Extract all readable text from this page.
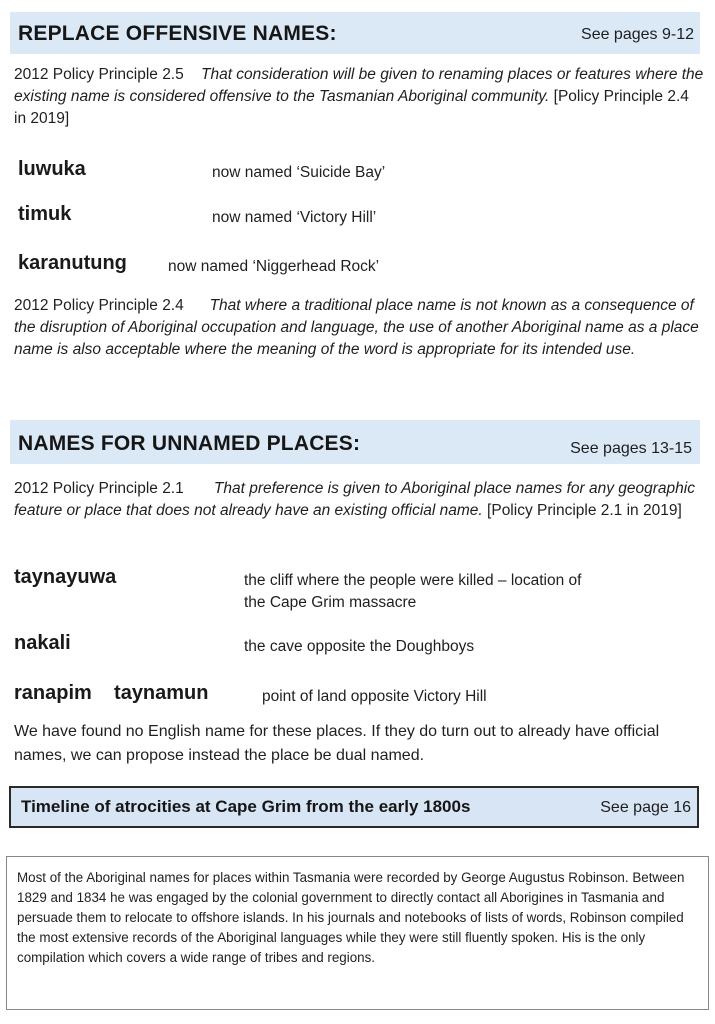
REPLACE OFFENSIVE NAMES:	See pages 9-12
2012 Policy Principle 2.5 That consideration will be given to renaming places or features where the existing name is considered offensive to the Tasmanian Aboriginal community. [Policy Principle 2.4 in 2019]
luwuka	now named ‘Suicide Bay’
timuk	now named ‘Victory Hill’
karanutung	now named ‘Niggerhead Rock’
2012 Policy Principle 2.4 That where a traditional place name is not known as a consequence of the disruption of Aboriginal occupation and language, the use of another Aboriginal name as a place name is also acceptable where the meaning of the word is appropriate for its intended use.
NAMES FOR UNNAMED PLACES:	See pages 13-15
2012 Policy Principle 2.1 That preference is given to Aboriginal place names for any geographic feature or place that does not already have an existing official name. [Policy Principle 2.1 in 2019]
taynayuwa	the cliff where the people were killed – location of
the Cape Grim massacre
nakali	the cave opposite the Doughboys
ranapim    taynamun	point of land opposite Victory Hill
We have found no English name for these places. If they do turn out to already have official names, we can propose instead the place be dual named.
Timeline of atrocities at Cape Grim from the early 1800s	See page 16
Most of the Aboriginal names for places within Tasmania were recorded by George Augustus Robinson. Between 1829 and 1834 he was engaged by the colonial government to directly contact all Aborigines in Tasmania and persuade them to relocate to offshore islands. In his journals and notebooks of lists of words, Robinson compiled the most extensive records of the Aboriginal languages while they were still fluently spoken. His is the only compilation which covers a wide range of tribes and regions.
